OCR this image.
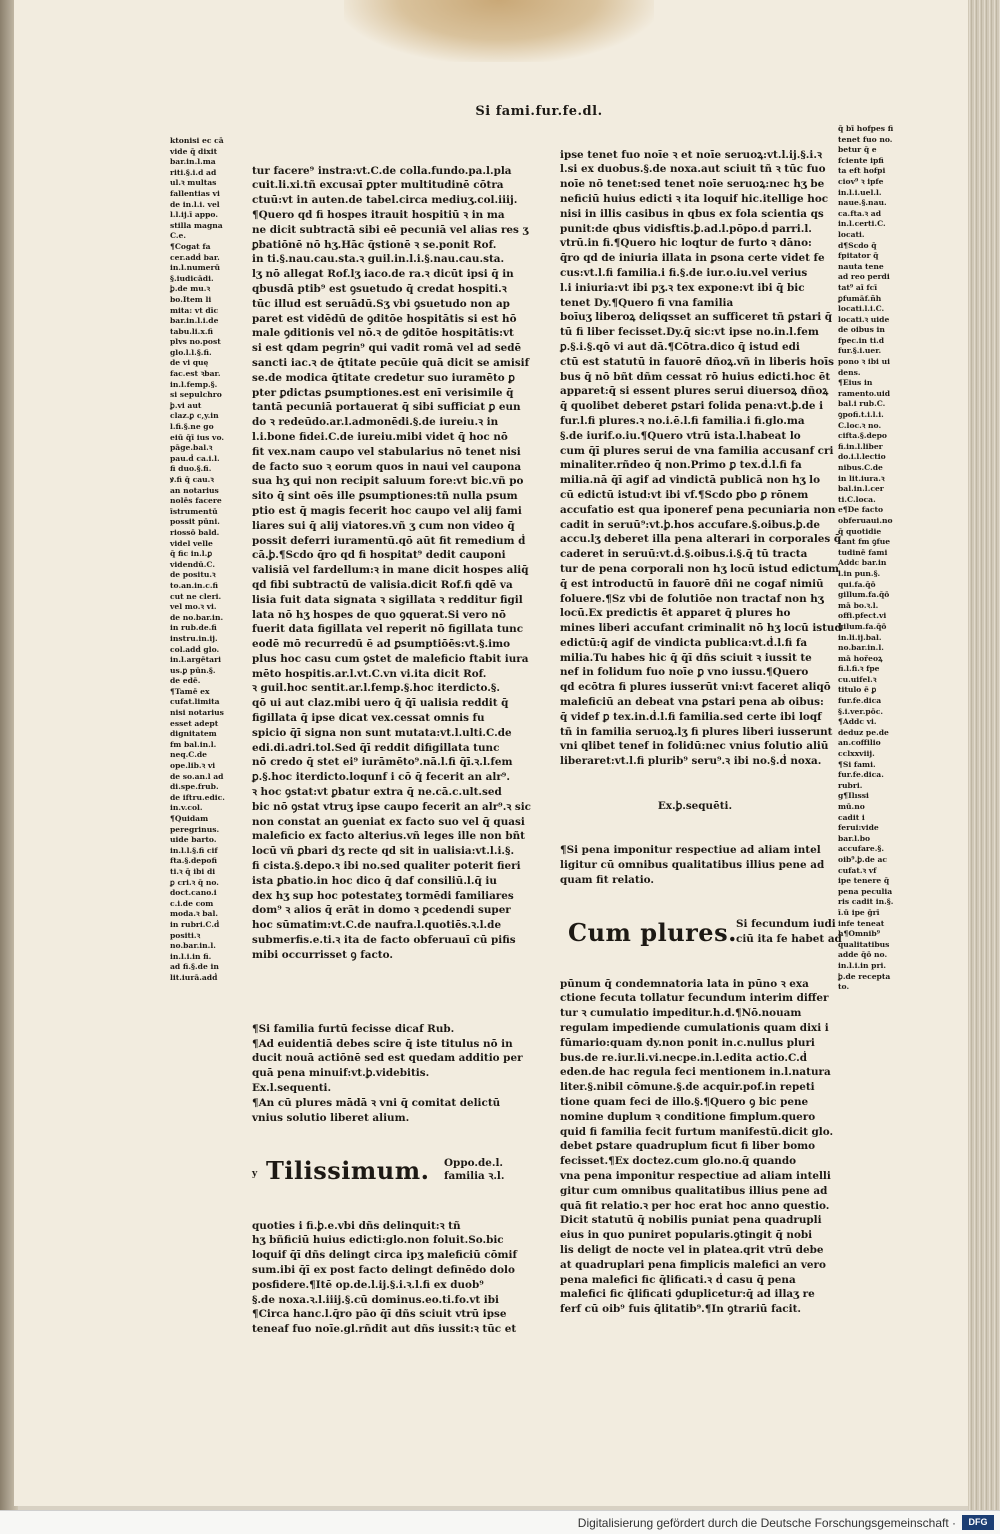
Si fami.fur.fe.dl.
ktonisi ec cā
vide q̄ dixit
bar.in.l.ma
riti.§.i.d ad
ul.ꝛ multas
fallentias vi
de in.l.i. vel
l.l.ij.ī appo.
stilla magna
C.e.
¶Cogat fa
cer.adḋ bar.
in.l.numerū
§.iudicādi.
ꝧ.de mu.ꝛ
bo.Item li
mita: vt dīc
bar.in.l.i.de
tabu.li.x.fi
plvs no.post
glo.l.l.§.fi.
de vi quę
fac.est ꝛbar.
in.l.femp.§.
si sepulchro
ꝧ.vi aut
claz.ꝑ c,y.in
l.fi.§.ne go
eiū q̄ī ius vo.
pāge.bal.ꝛ
pau.ḋ ca.i.l.
fi duo.§.fi.
ꝟ.fi q̄ cau.ꝛ
an notarius
nolēs facere
īstrumentū
possit pūni.
riossō bald.
videl velle
q̄ fic in.l.ꝑ
videndū.C.
de positu.ꝛ
to.an.in.c.fi
cut ne cleri.
vel mo.ꝛ vi.
de no.bar.in.
in rub.de.fi
instru.in.ij.
col.adḋ glo.
in.l.argētari
us.ꝑ pūn.§.
de edē.
¶Tamē ex
cufat.limita
nisi notarius
esset adept
dignitatem
fm bal.in.l.
neq.C.de
ope.lib.ꝛ vi
de so.an.l ad
di.spe.frub.
de iftru.edic.
in.v.col.
¶Quidam
peregrinus.
uide barto.
in.l.l.§.fi cif
fta.§.depofi
ti.ꝛ q̄ ibi di
ꝑ cri.ꝛ q̄ no.
doct.cano.i
c.i.de com
moda.ꝛ bal.
in rubri.C.ḋ
positi.ꝛ
no.bar.in.l.
in.l.i.in fi.
ad fi.§.de in
lit.iurā.adḋ

tur facere⁹ instra:vt.C.de colla.fundo.pa.l.pla
cuit.li.xi.tñ excusaī ꝑpter multitudinē cōtra
ctuū:vt in auten.de tabel.circa mediuʒ.col.iiij.
¶Quero qd fi hospes itrauit hospitiū ꝛ in ma
ne dicit subtractā sibi eē pecuniā vel alias res ʒ
ꝑbatiōnē nō hʒ.Hāc q̄stionē ꝛ se.ponit Rof.
in ti.§.nau.cau.sta.ꝛ guil.in.l.i.§.nau.cau.sta.
lʒ nō allegat Rof.lʒ iaco.de ra.ꝛ dicūt ipsi q̄ in
qbusdā ptib⁹ est ꝯsuetudo q̄ credat hospiti.ꝛ
tūc illud est seruādū.Sʒ vbi ꝯsuetudo non ap
paret est vidēdū de ꝯditōe hospitātis si est hō
male ꝯditionis vel nō.ꝛ de ꝯditōe hospitātis:vt
si est qdam pegrin⁹ qui vadit romā vel ad sedē
sancti iac.ꝛ de q̄titate pecūie quā dicit se amisif
se.de modica q̄titate credetur suo iuramēto ꝑ
pter ꝑdictas ꝑsumptiones.est enī verisimile q̄
tantā pecuniā portauerat q̄ sibi sufficiat ꝑ eun
do ꝛ redeūdo.ar.l.admonēdi.§.de iureiu.ꝛ in
l.i.bone fidei.C.de iureiu.mibi videt q̄ hoc nō
fit vex.nam caupo vel stabularius nō tenet nisi
de facto suo ꝛ eorum quos in naui vel caupona
sua hʒ qui non recipit saluum fore:vt bic.vñ po
sito q̄ sint oēs ille ꝑsumptiones:tñ nulla psum
ptio est q̄ magis fecerit hoc caupo vel alij fami
liares sui q̄ alij viatores.vñ ʒ cum non video q̄
possit deferri iuramentū.qō aūt fit remedium ḋ
cā.ꝧ.¶Scdo q̄ro qd fi hospitat⁹ dedit cauponi
valisiā vel fardellum:ꝛ in mane dicit hospes aliq̄
qd fibi subtractū de valisia.dicit Rof.fi qdē va
lisia fuit data signata ꝛ sigillata ꝛ redditur figil
lata nō hʒ hospes de quo ꝯquerat.Si vero nō
fuerit data figillata vel reperit nō figillata tunc
eodē mō recurredū ē ad ꝑsumptiōēs:vt.§.imo
plus hoc casu cum ꝯstet de maleficio ftabit iura
mēto hospitis.ar.l.vt.C.vn vi.ita dicit Rof.
ꝛ guil.hoc sentit.ar.l.femp.§.hoc iterdicto.§.
qō ui aut claz.mibi uero q̄ q̄ī ualisia reddit q̄
figillata q̄ ipse dicat vex.cessat omnis fu
spicio q̄ī signa non sunt mutata:vt.l.ulti.C.de
edi.di.adri.tol.Sed q̄ī reddit difigillata tunc
nō credo q̄ stet ei⁹ iurāmēto⁹.nā.l.fi q̄ī.ꝛ.l.fem
ꝑ.§.hoc iterdicto.loqunf i cō q̄ fecerit an alr⁹.
ꝛ hoc ꝯstat:vt ꝑbatur extra q̄ ne.cā.c.ult.sed
bic nō ꝯstat vtruʒ ipse caupo fecerit an alr⁹.ꝛ sic
non constat an ꝯueniat ex facto suo vel q̄ quasi
maleficio ex facto alterius.vñ leges ille non bñt
locū vñ ꝑbari dʒ recte qd sit in ualisia:vt.l.i.§.
fi cista.§.depo.ꝛ ibi no.sed qualiter poterit fieri
ista ꝑbatio.in hoc dico q̄ daf consiliū.l.q̄ iu
dex hʒ sup hoc potestateʒ tormēdi familiares
dom⁹ ꝛ alios q̄ erāt in domo ꝛ ꝑcedendi super
hoc sūmatim:vt.C.de naufra.l.quotiēs.ꝛ.l.de
submerfis.e.ti.ꝛ ita de facto obferuauī cū pifis
mibi occurrisset ꝯ facto.

¶Si familia furtū fecisse dicaf Rub.
¶Ad euidentiā debes scire q̄ iste titulus nō in
ducit nouā actiōnē sed est quedam additio per
quā pena minuif:vt.ꝧ.videbitis.
Ex.l.sequenti.
¶An cū plures mādā ꝛ vni q̄ comitat delictū
vnius solutio liberet alium.

y

Tilissimum.

Oppo.de.l.
familia ꝛ.l.

quoties i fi.ꝧ.e.vbi dñs delinquit:ꝛ tñ
hʒ bñficiū huius edicti:glo.non foluit.So.bic
loquif q̄ī dñs delingt circa ipʒ maleficiū cōmif
sum.ibi q̄ī ex post facto delingt definēdo dolo
posfidere.¶Itē op.de.l.ij.§.i.ꝛ.l.fi ex duob⁹
§.de noxa.ꝛ.l.iiij.§.cū dominus.eo.ti.fo.vt ibi
¶Circa hanc.l.q̄ro pāo q̄ī dñs sciuit vtrū ipse
teneaf fuo noīe.gl.rñdit aut dñs iussit:ꝛ tūc et

ipse tenet fuo noīe ꝛ et noīe seruoꝝ:vt.l.ij.§.i.ꝛ
l.si ex duobus.§.de noxa.aut sciuit tñ ꝛ tūc fuo
noīe nō tenet:sed tenet noīe seruoꝝ:nec hʒ be
neficiū huius edicti ꝛ ita loquif hic.itellige hoc
nisi in illis casibus in qbus ex fola scientia qs
punit:de qbus vidisftis.ꝧ.ad.l.pōpo.ḋ parri.l.
vtrū.in fi.¶Quero hic loqtur de furto ꝛ dāno:
q̄ro qd de iniuria illata in ꝑsona certe videt fe
cus:vt.l.fi familia.i fi.§.de iur.o.iu.vel verius
l.i iniuria:vt ibi pʒ.ꝛ tex expone:vt ibi q̄ bic
tenet Dy.¶Quero fi vna familia
boīuʒ liberoꝝ deliqsset an sufficeret tñ ꝑstari q̄
tū fi liber fecisset.Dy.q̄ sic:vt ipse no.in.l.fem
ꝑ.§.i.§.qō vi aut dā.¶Cōtra.dico q̄ istud edi
ctū est statutū in fauorē dñoꝝ.vñ in liberis hoīs
bus q̄ nō bñt dñm cessat rō huius edicti.hoc ēt
apparet:q̄ si essent plures serui diuersoꝝ dñoꝝ
q̄ quolibet deberet ꝑstari folida pena:vt.ꝧ.de i
fur.l.fi plures.ꝛ no.i.ē.l.fi familia.i fi.glo.ma
§.de iurif.o.iu.¶Quero vtrū ista.l.habeat lo
cum q̄ī plures serui de vna familia accusanf cri
minaliter.rñdeo q̄ non.Primo ꝑ tex.ḋ.l.fi fa
milia.nā q̄ī agif ad vindictā publicā non hʒ lo
cū edictū istud:vt ibi vf.¶Scdo ꝑbo ꝑ rōnem
accufatio est qua iponeref pena pecuniaria non
cadit in seruū⁹:vt.ꝧ.hos accufare.§.oibus.ꝧ.de
accu.lʒ deberet illa pena alterari in corporales q̄
caderet in seruū:vt.ḋ.§.oibus.i.§.q̄ tū tracta
tur de pena corporali non hʒ locū istud edictum
q̄ est introductū in fauorē dñi ne cogaf nimiū
foluere.¶Sz vbi de folutiōe non tractaf non hʒ
locū.Ex predictis ēt apparet q̄ plures ho
mines liberi accufant criminalit nō hʒ locū istud
edictū:q̄ agif de vindicta publica:vt.ḋ.l.fi fa
milia.Tu habes hic q̄ q̄ī dñs sciuit ꝛ iussit te
nef in folidum fuo noīe ꝑ vno iussu.¶Quero
qd ecōtra fi plures iusserūt vni:vt faceret aliqō
maleficiū an debeat vna ꝑstari pena ab oibus:
q̄ videf ꝑ tex.in.ḋ.l.fi familia.sed certe ibi loqf
tñ in familia seruoꝝ.lʒ fi plures liberi iusserunt
vni qlibet tenef in folidū:nec vnius folutio aliū
liberaret:vt.l.fi plurib⁹ seru⁹.ꝛ ibi no.§.ḋ noxa.

Ex.ꝧ.sequēti.

¶Si pena imponitur respectiue ad aliam intel
ligitur cū omnibus qualitatibus illius pene ad
quam fit relatio.

Cum plures.

Si fecundum iudi
ciū ita fe habet ad

pūnum q̄ condemnatoria lata in pūno ꝛ exa
ctione fecuta tollatur fecundum interim differ
tur ꝛ cumulatio impeditur.h.d.¶Nō.nouam
regulam impediende cumulationis quam dixi i
fūmario:quam dy.non ponit in.c.nullus pluri
bus.de re.iur.li.vi.necpe.in.l.edita actio.C.ḋ
eden.de hac regula feci mentionem in.l.natura
liter.§.nibil cōmune.§.de acquir.pof.in repeti
tione quam feci de illo.§.¶Quero ꝯ bic pene
nomine duplum ꝛ conditione fimplum.quero
quid fi familia fecit furtum manifestū.dicit glo.
debet ꝑstare quadruplum ficut fi liber bomo
fecisset.¶Ex doctez.cum glo.no.q̄ quando
vna pena imponitur respectiue ad aliam intelli
gitur cum omnibus qualitatibus illius pene ad
quā fit relatio.ꝛ per hoc erat hoc anno questio.
Dicit statutū q̄ nobilis puniat pena quadrupli
eius in quo puniret popularis.ꝯtingit q̄ nobi
lis deligt de nocte vel in platea.qrit vtrū debe
at quadruplari pena fimplicis malefici an vero
pena malefici fic q̄lificati.ꝛ ḋ casu q̄ pena
malefici fic q̄lificati ꝯduplicetur:q̄ ad illaʒ re
ferf cū oib⁹ fuis q̄litatib⁹.¶In ꝯtrariū facit.

q̄ bī hofpes fi
tenet fuo no.
betur q̄ e
fciente ipfi
ta eft hofpi
ciov⁹ ꝛ ipfe
in.l.i.uel.l.
naue.§.nau.
ca.fta.ꝛ ad
in.l.certi.C.
locati.
d¶Scdo q̄
fpitator q̄
nauta tene
ad reo perdi
tat⁹ aī fcī
ꝑfumāf.ñh
locati.l.i.C.
locati.ꝛ uide
de oibus in
fpec.in ti.d
fur.§.i.uer.
pono ꝛ ibi ui
dens.
¶Eius in
ramento.uid
bal.i rub.C.
ꝯpofi.t.i.l.i.
C.loc.ꝛ no.
cifta.§.depo
fi.in.l.liber
do.i.l.lectio
nibus.C.de
in lit.iura.ꝛ
bal.in.l.cer
ti.C.loca.
e¶De facto
obferuaui.no
q̄ quotidie
tant fm ꝯfue
tudinē fami
Addc bar.in
l.in pun.§.
qui.fa.q̄ō
gillum.fa.q̄ō
mā bo.ꝛ.l.
offi.pfect.vi
gilum.fa.q̄ō
in.li.ij.bal.
no.bar.in.l.
mā hořeoꝝ
fi.l.fi.ꝛ fpe
cu.uifel.ꝛ
titulo ē ꝑ
fur.fe.dica
§.i.ver.pōc.
¶Addc vi.
deduz pe.de
an.coffilio
cclxxviij.
¶Si fami.
fur.fe.dica.
rubri.
g¶Ilıssi
mū.no
cadit i
ferui:vide
bar.l.bo
accufare.§.
oib⁹.ꝧ.de ac
cufat.ꝛ vf
ipe tenere q̄
pena peculia
ris cadit in.§.
ī.ū ipe ḡrī
infe teneat
h¶Omnib⁹
qualitatibus
adde q̄ō no.
in.l.i.in pri.
ꝧ.de recepta
to.
Digitalisierung gefördert durch die Deutsche Forschungsgemeinschaft ·	DFG
